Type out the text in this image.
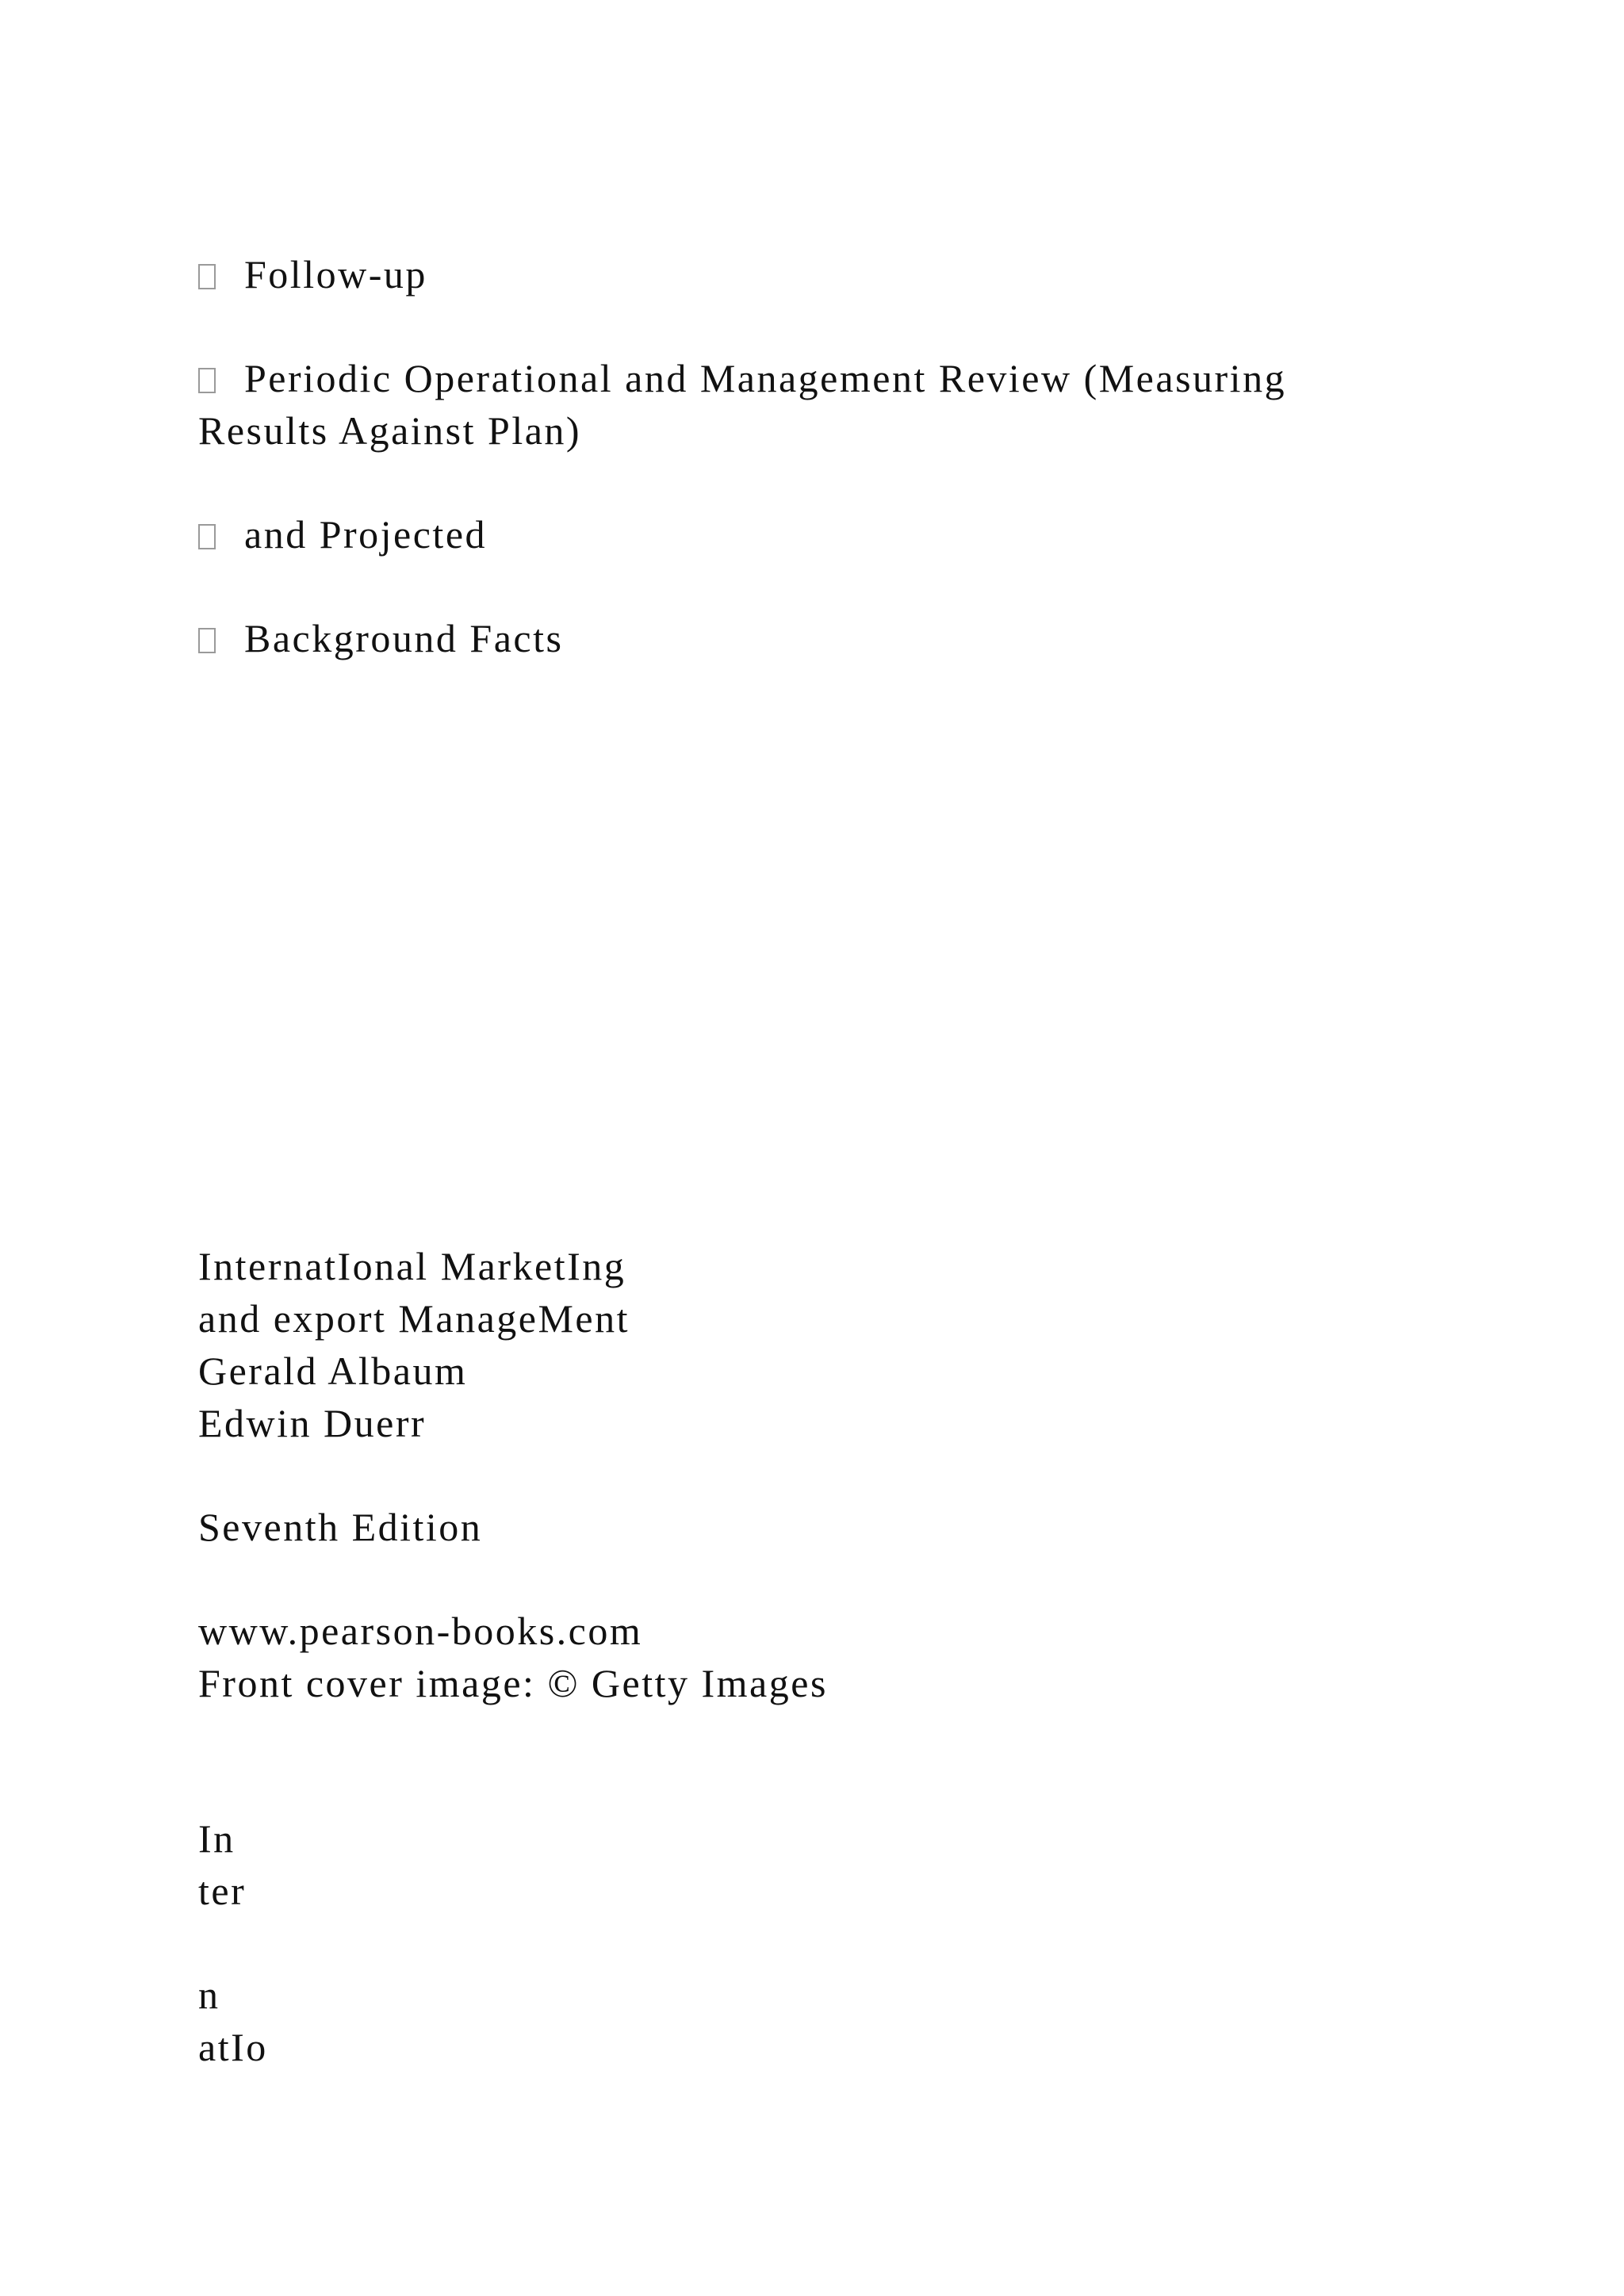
Follow-up
Periodic Operational and Management Review (Measuring
Results Against Plan)
and Projected
Background Facts
InternatIonal MarketIng
and export ManageMent
Gerald Albaum
Edwin Duerr
Seventh Edition
www.pearson-books.com
Front cover image: © Getty Images
In
ter
n
atIo
